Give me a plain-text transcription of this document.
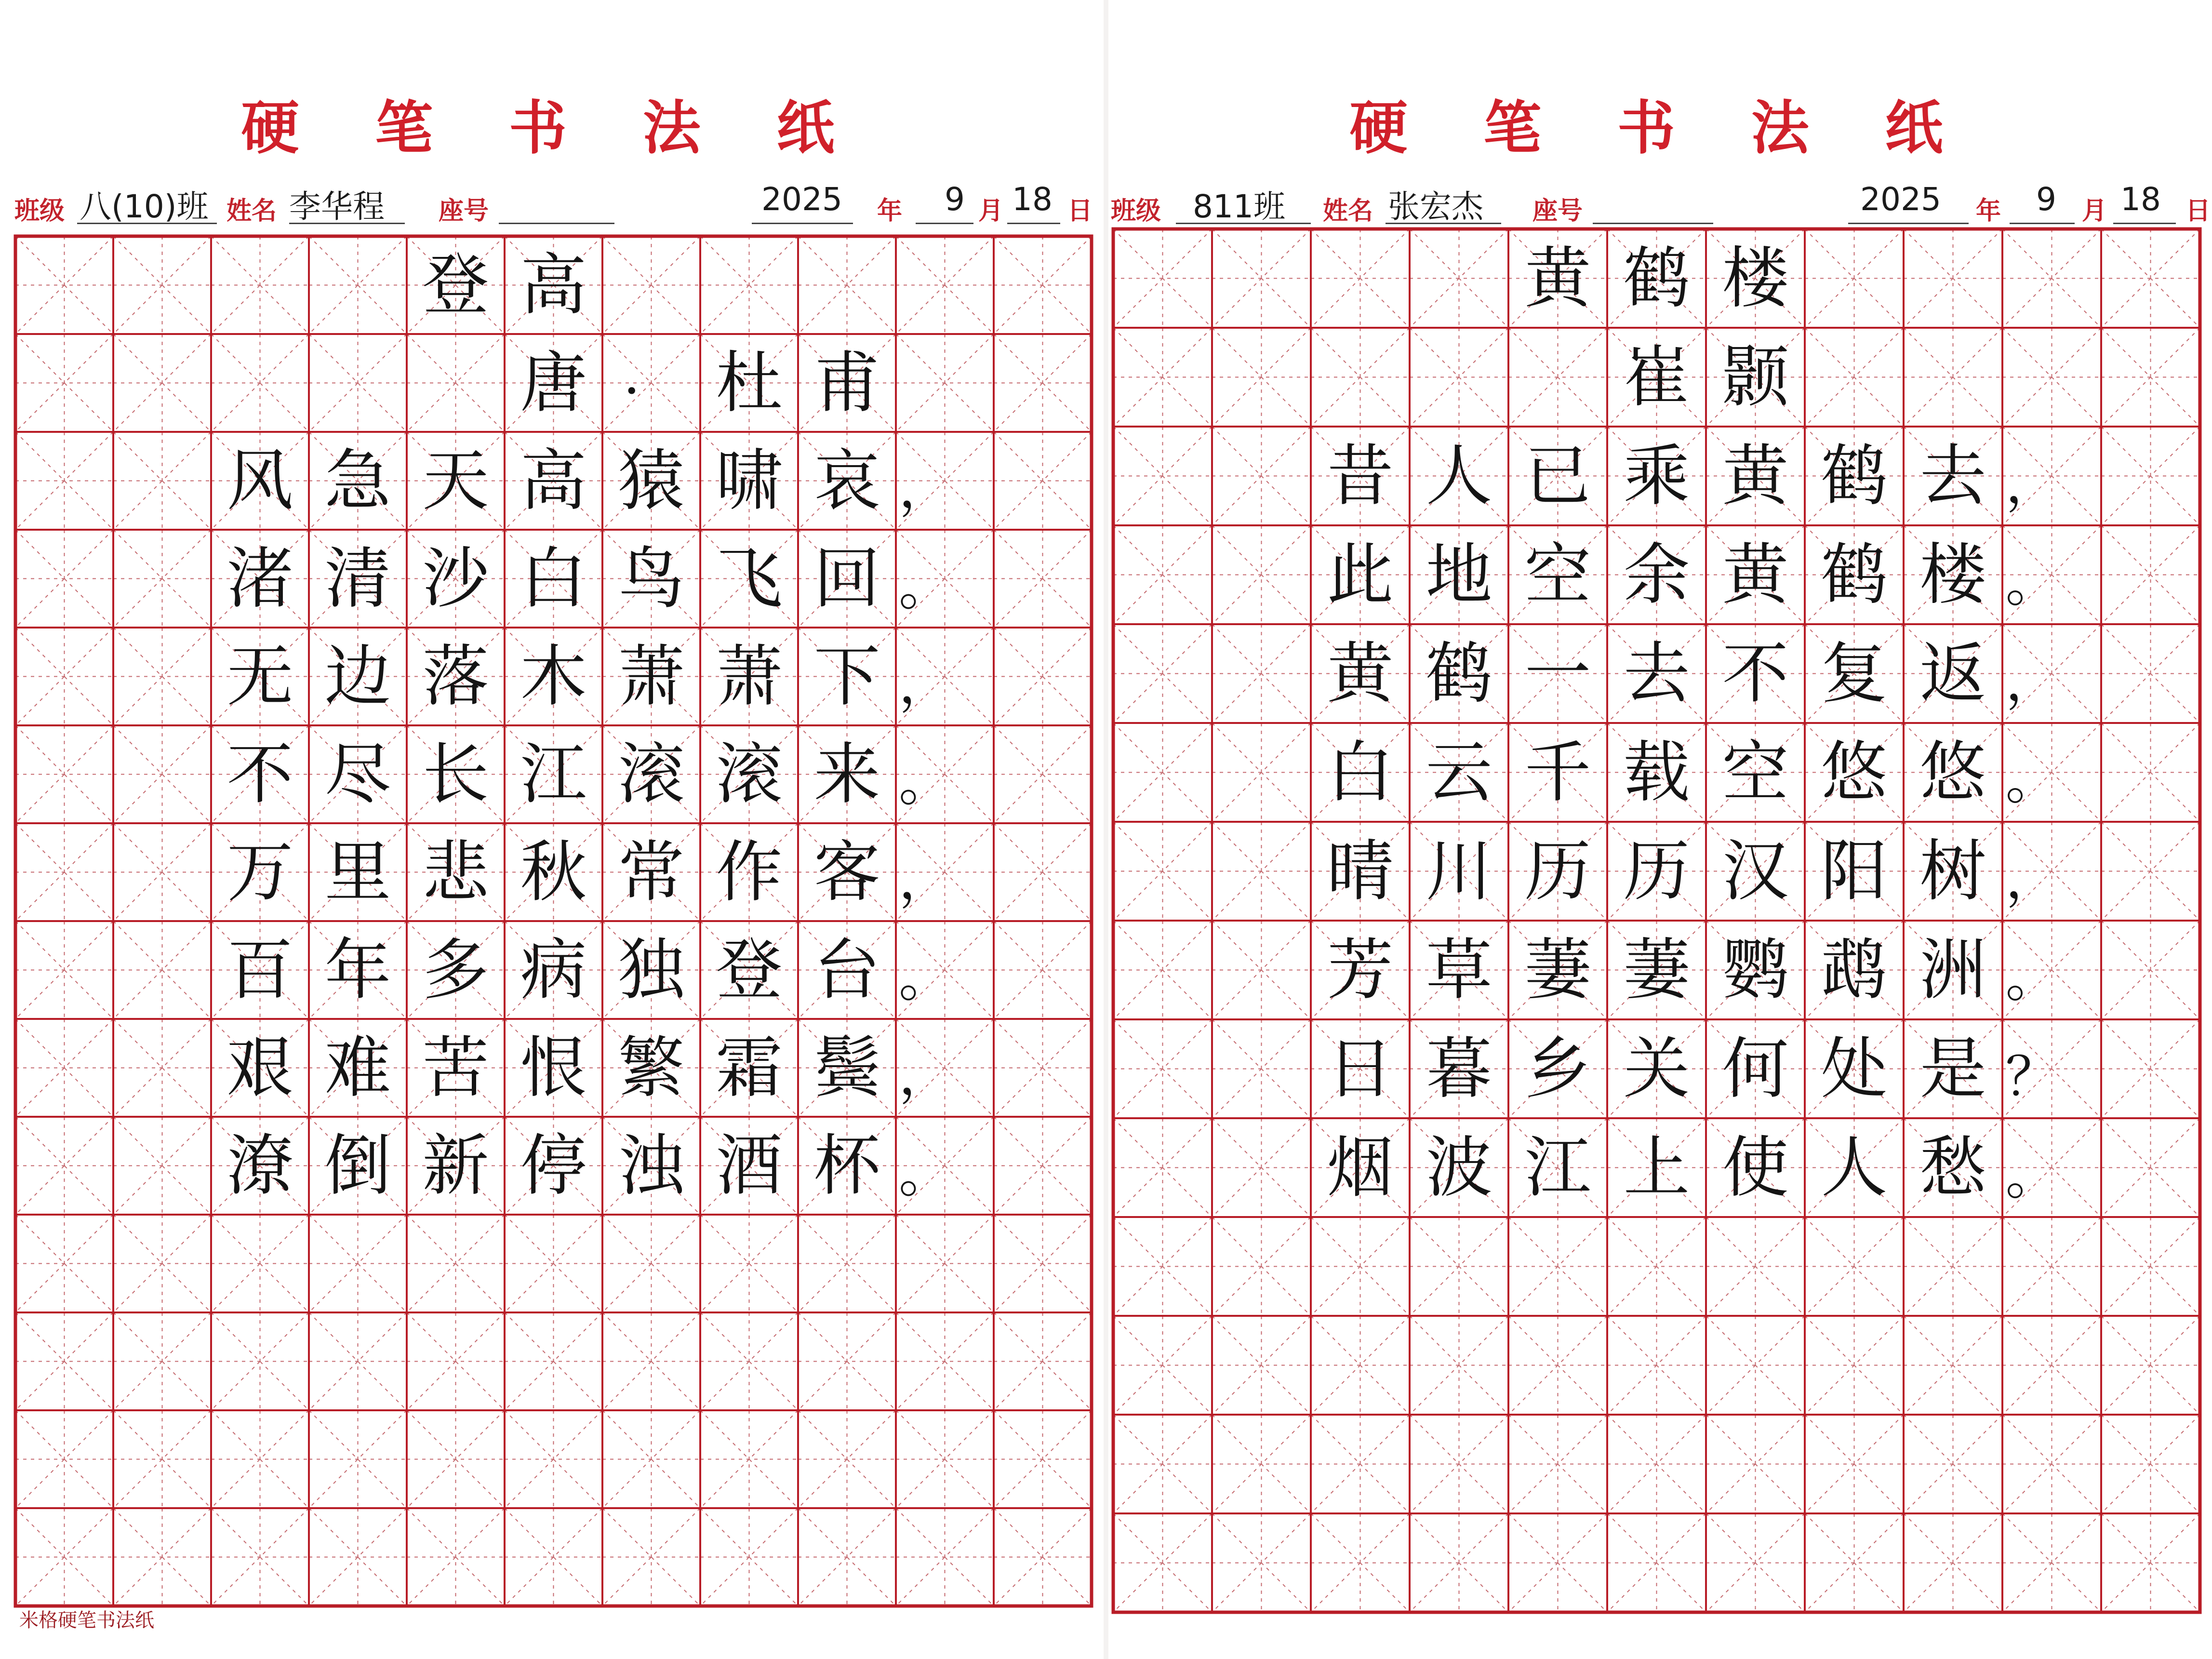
硬 笔 书 法 纸
班级 八(10)班 姓名 李华程 座号	2025 年 9 月 18 日
登 高
唐 · 杜 甫
风 急 天 高 猿 啸 哀 ，
渚 清 沙 白 鸟 飞 回 。
无 边 落 木 萧 萧 下 ，
不 尽 长 江 滚 滚 来 。
万 里 悲 秋 常 作 客 ，
百 年 多 病 独 登 台 。
艰 难 苦 恨 繁 霜 鬓 ，
潦 倒 新 停 浊 酒 杯 。
米格硬笔书法纸
硬 笔 书 法 纸
班级 811班 姓名 张宏杰 座号	2025 年 9 月 18 日
黄 鹤 楼
崔 颢
昔 人 已 乘 黄 鹤 去 ，
此 地 空 余 黄 鹤 楼 。
黄 鹤 一 去 不 复 返 ，
白 云 千 载 空 悠 悠 。
晴 川 历 历 汉 阳 树 ，
芳 草 萋 萋 鹦 鹉 洲 。
日 暮 乡 关 何 处 是 ？
烟 波 江 上 使 人 愁 。
